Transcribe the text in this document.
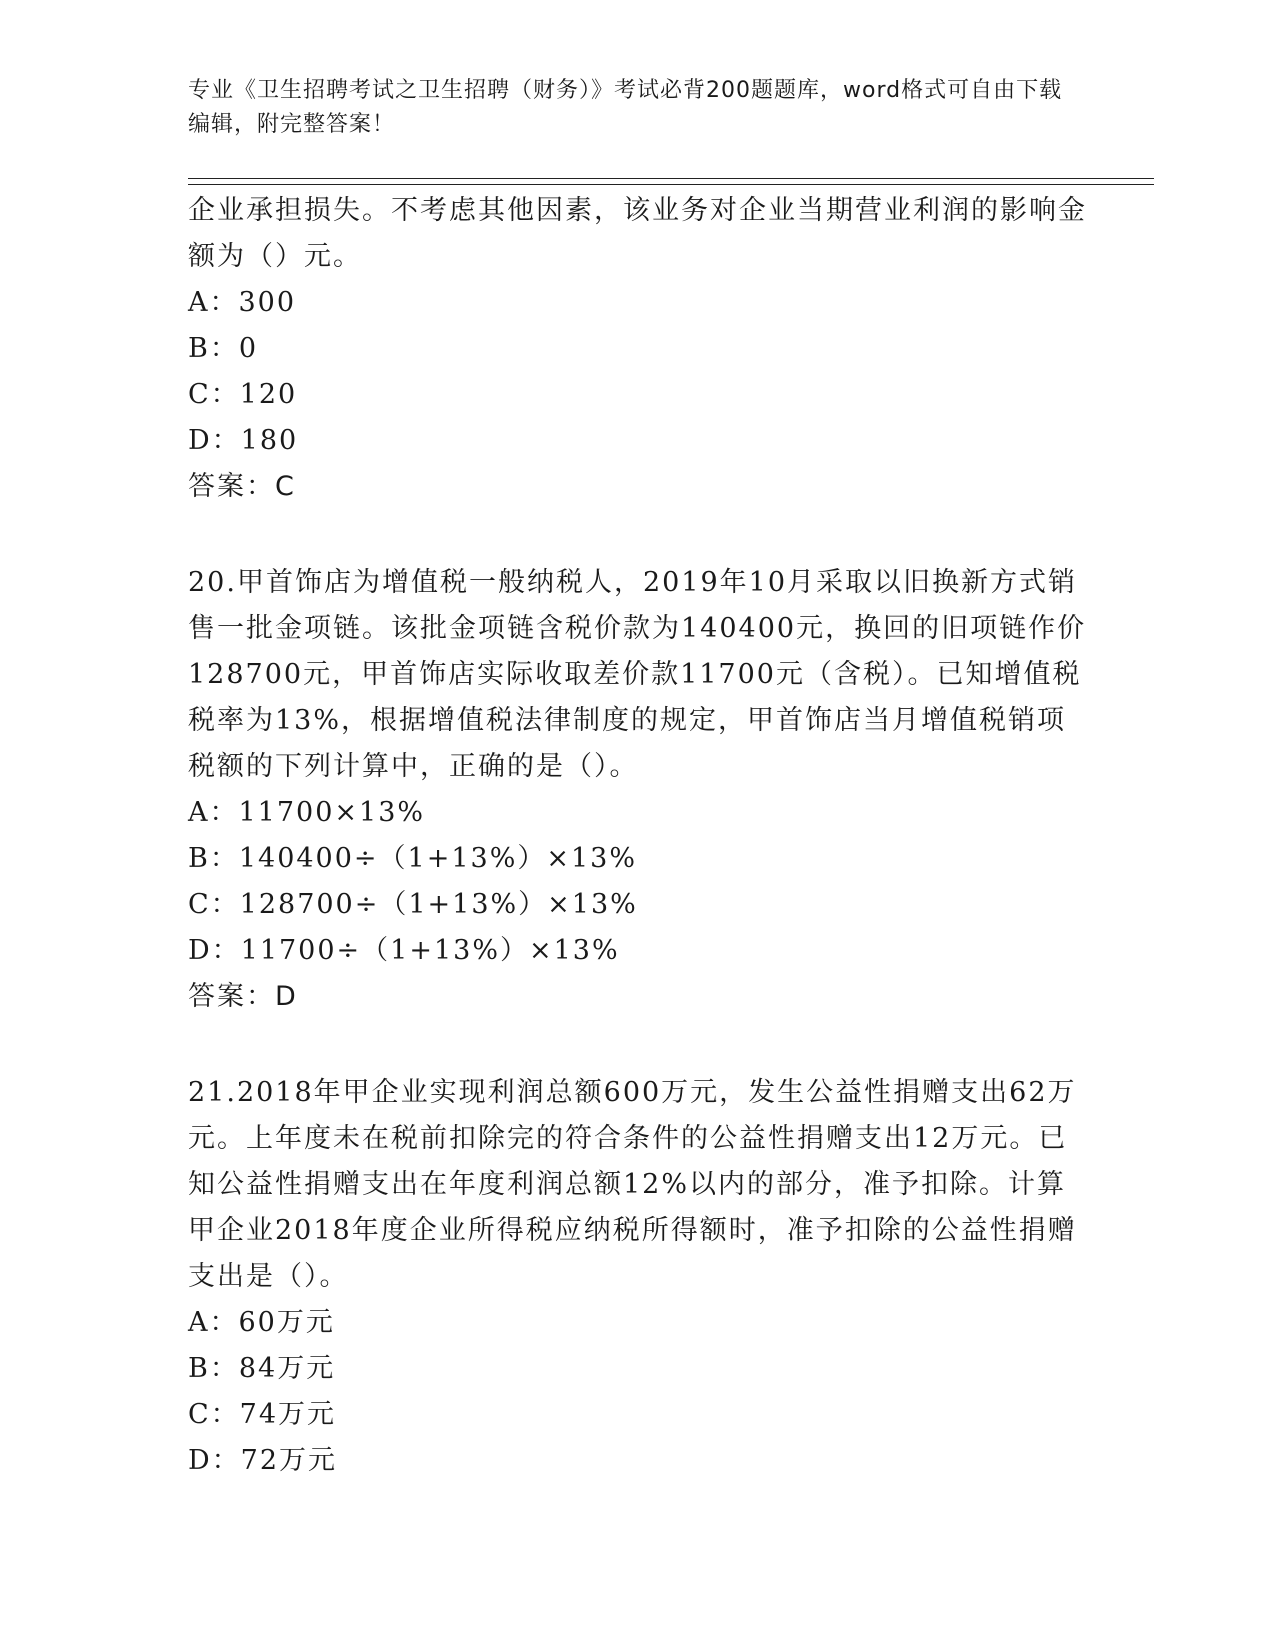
专业《卫生招聘考试之卫生招聘（财务）》考试必背200题题库，word格式可自由下载编辑，附完整答案！

企业承担损失。不考虑其他因素，该业务对企业当期营业利润的影响金额为（）元。

A：300

B：0

C：120

D：180

答案：C

20.甲首饰店为增值税一般纳税人，2019年10月采取以旧换新方式销售一批金项链。该批金项链含税价款为140400元，换回的旧项链作价128700元，甲首饰店实际收取差价款11700元（含税）。已知增值税税率为13%，根据增值税法律制度的规定，甲首饰店当月增值税销项税额的下列计算中，正确的是（）。

A：11700×13%

B：140400÷（1+13%）×13%

C：128700÷（1+13%）×13%

D：11700÷（1+13%）×13%

答案：D

21.2018年甲企业实现利润总额600万元，发生公益性捐赠支出62万元。上年度未在税前扣除完的符合条件的公益性捐赠支出12万元。已知公益性捐赠支出在年度利润总额12%以内的部分，准予扣除。计算甲企业2018年度企业所得税应纳税所得额时，准予扣除的公益性捐赠支出是（）。

A：60万元

B：84万元

C：74万元

D：72万元
